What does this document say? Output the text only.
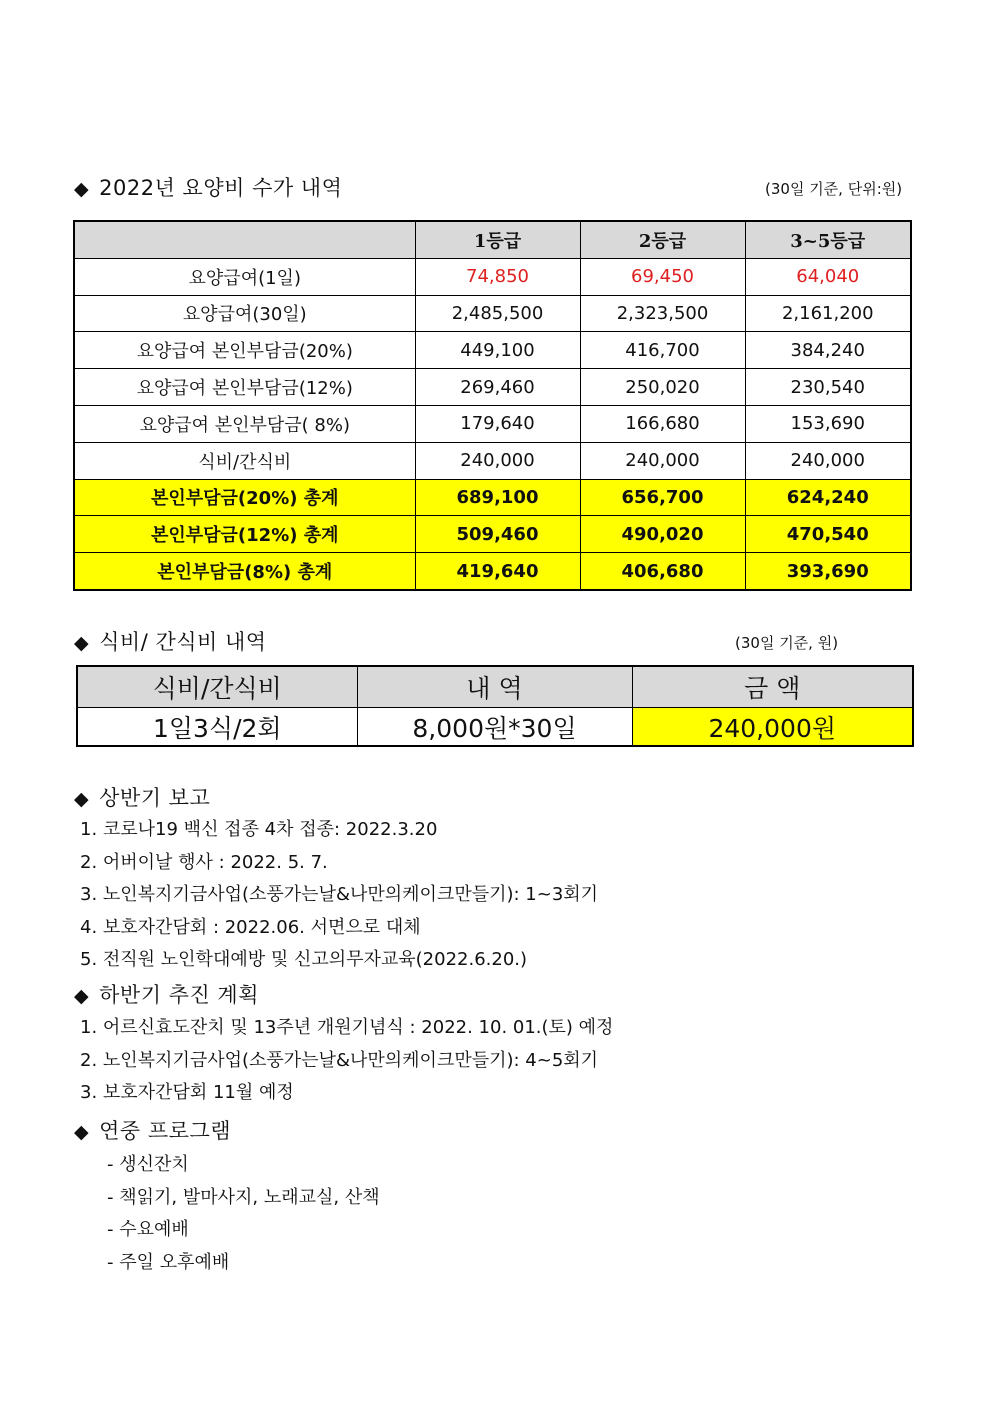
◆ 2022년 요양비 수가 내역	(30일 기준, 단위:원)
	1등급	2등급	3~5등급
요양급여(1일)	74,850	69,450	64,040
요양급여(30일)	2,485,500	2,323,500	2,161,200
요양급여 본인부담금(20%)	449,100	416,700	384,240
요양급여 본인부담금(12%)	269,460	250,020	230,540
요양급여 본인부담금( 8%)	179,640	166,680	153,690
식비/간식비	240,000	240,000	240,000
본인부담금(20%) 총계	689,100	656,700	624,240
본인부담금(12%) 총계	509,460	490,020	470,540
본인부담금(8%) 총계	419,640	406,680	393,690
◆ 식비/ 간식비 내역	(30일 기준, 원)
식비/간식비	내 역	금 액
1일3식/2회	8,000원*30일	240,000원
◆ 상반기 보고
1. 코로나19 백신 접종 4차 접종: 2022.3.20
2. 어버이날 행사 : 2022. 5. 7.
3. 노인복지기금사업(소풍가는날&나만의케이크만들기): 1~3회기
4. 보호자간담회 : 2022.06. 서면으로 대체
5. 전직원 노인학대예방 및 신고의무자교육(2022.6.20.)
◆ 하반기 추진 계획
1. 어르신효도잔치 및 13주년 개원기념식 : 2022. 10. 01.(토) 예정
2. 노인복지기금사업(소풍가는날&나만의케이크만들기): 4~5회기
3. 보호자간담회 11월 예정
◆ 연중 프로그램
- 생신잔치
- 책읽기, 발마사지, 노래교실, 산책
- 수요예배
- 주일 오후예배
